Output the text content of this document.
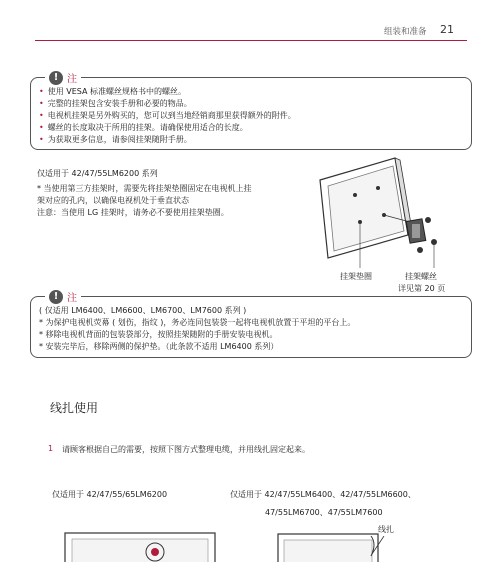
组装和准备 21
! 注
• 使用 VESA 标准螺丝规格书中的螺丝。
• 完整的挂架包含安装手册和必要的物品。
• 电视机挂架是另外购买的，您可以到当地经销商那里获得额外的附件。
• 螺丝的长度取决于所用的挂架。请确保使用适合的长度。
• 为获取更多信息，请参阅挂架随附手册。
仅适用于 42/47/55LM6200 系列
* 当使用第三方挂架时，需要先将挂架垫圈固定在电视机上挂
架对应的孔内，以确保电视机处于垂直状态
注意：当使用 LG 挂架时，请务必不要使用挂架垫圈。
挂架垫圈	挂架螺丝
详见第 20 页
! 注
( 仅适用 LM6400、LM6600、LM6700、LM7600 系列 )
* 为保护电视机荧幕 ( 划伤，指纹 )，务必连同包装袋一起将电视机放置于平坦的平台上。
* 移除电视机背面的包装袋部分，按照挂架随附的手册安装电视机。
* 安装完毕后，移除两侧的保护垫。（此条款不适用 LM6400 系列）
线扎使用
1 请顾客根据自己的需要，按照下图方式整理电缆，并用线扎固定起来。
仅适用于 42/47/55/65LM6200	仅适用于 42/47/55LM6400、42/47/55LM6600、
47/55LM6700、47/55LM7600
线扎
